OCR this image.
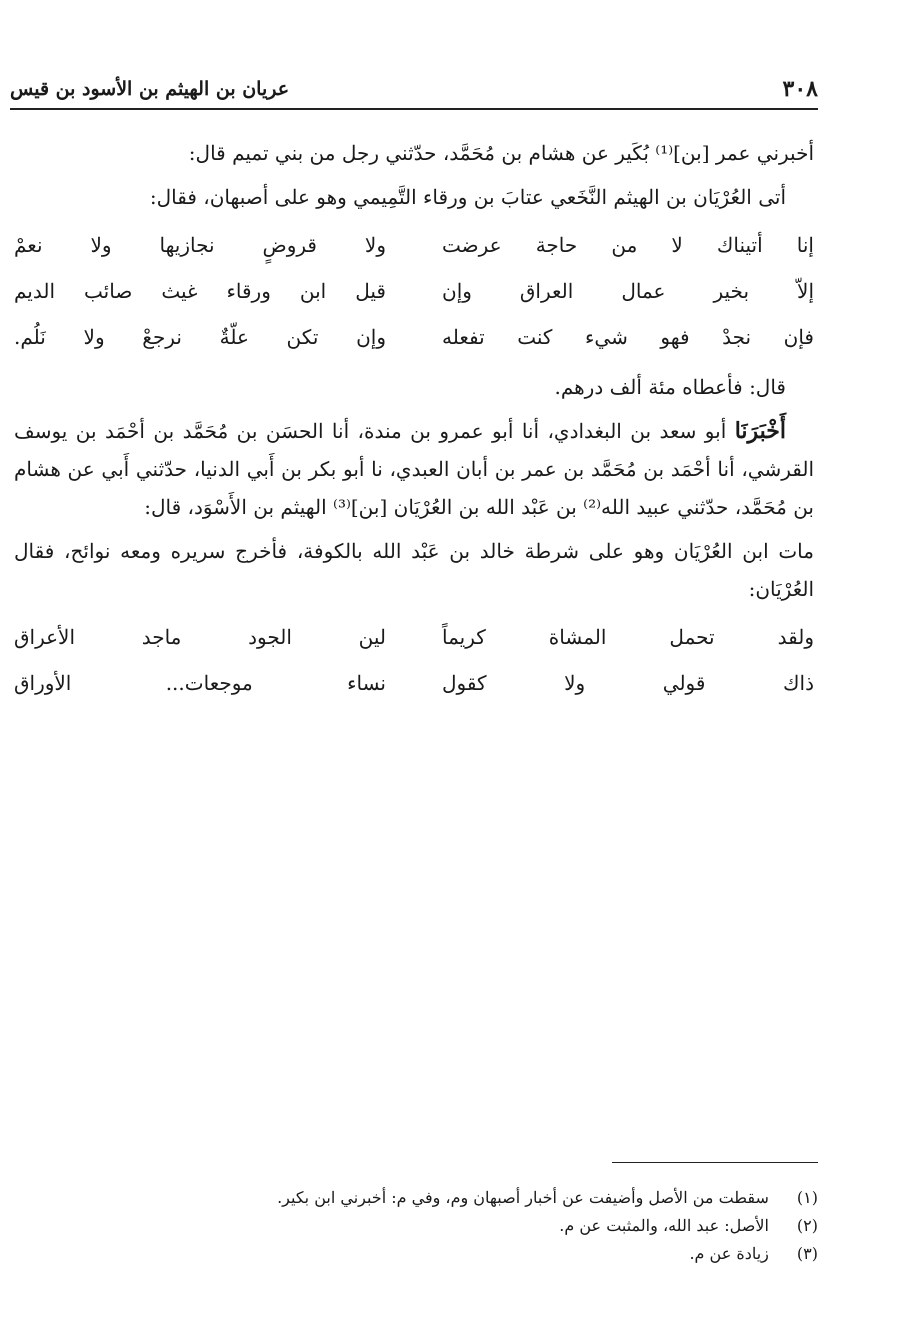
٣٠٨
عريان بن الهيثم بن الأسود بن قيس

أخبرني عمر [بن]⁽¹⁾ بُكَير عن هشام بن مُحَمَّد، حدّثني رجل من بني تميم قال:

أتى العُرْيَان بن الهيثم النَّخَعي عتابَ بن ورقاء التَّمِيمي وهو على أصبهان، فقال:

إنا أتيناك لا من حاجة عرضت
ولا قروضٍ نجازيها ولا نعمْ
إلاّ بخير عمال العراق وإن
قيل ابن ورقاء غيث صائب الديم
فإن نجدْ فهو شيء كنت تفعله
وإن تكن علّةٌ نرجعْ ولا نَلُم.

قال: فأعطاه مئة ألف درهم.

أَخْبَرَنَا أبو سعد بن البغدادي، أنا أبو عمرو بن مندة، أنا الحسَن بن مُحَمَّد بن أحْمَد بن يوسف القرشي، أنا أحْمَد بن مُحَمَّد بن عمر بن أبان العبدي، نا أبو بكر بن أَبي الدنيا، حدّثني أَبي عن هشام بن مُحَمَّد، حدّثني عبيد الله⁽²⁾ بن عَبْد الله بن العُرْيَان [بن]⁽³⁾ الهيثم بن الأَسْوَد، قال:

مات ابن العُرْيَان وهو على شرطة خالد بن عَبْد الله بالكوفة، فأخرج سريره ومعه نوائح، فقال العُرْيَان:

ولقد تحمل المشاة كريماً
لين الجود ماجد الأعراق
ذاك قولي ولا كقول
نساء موجعات... الأوراق
(١) سقطت من الأصل وأضيفت عن أخبار أصبهان وم، وفي م: أخبرني ابن بكير.
(٢) الأصل: عبد الله، والمثبت عن م.
(٣) زيادة عن م.
